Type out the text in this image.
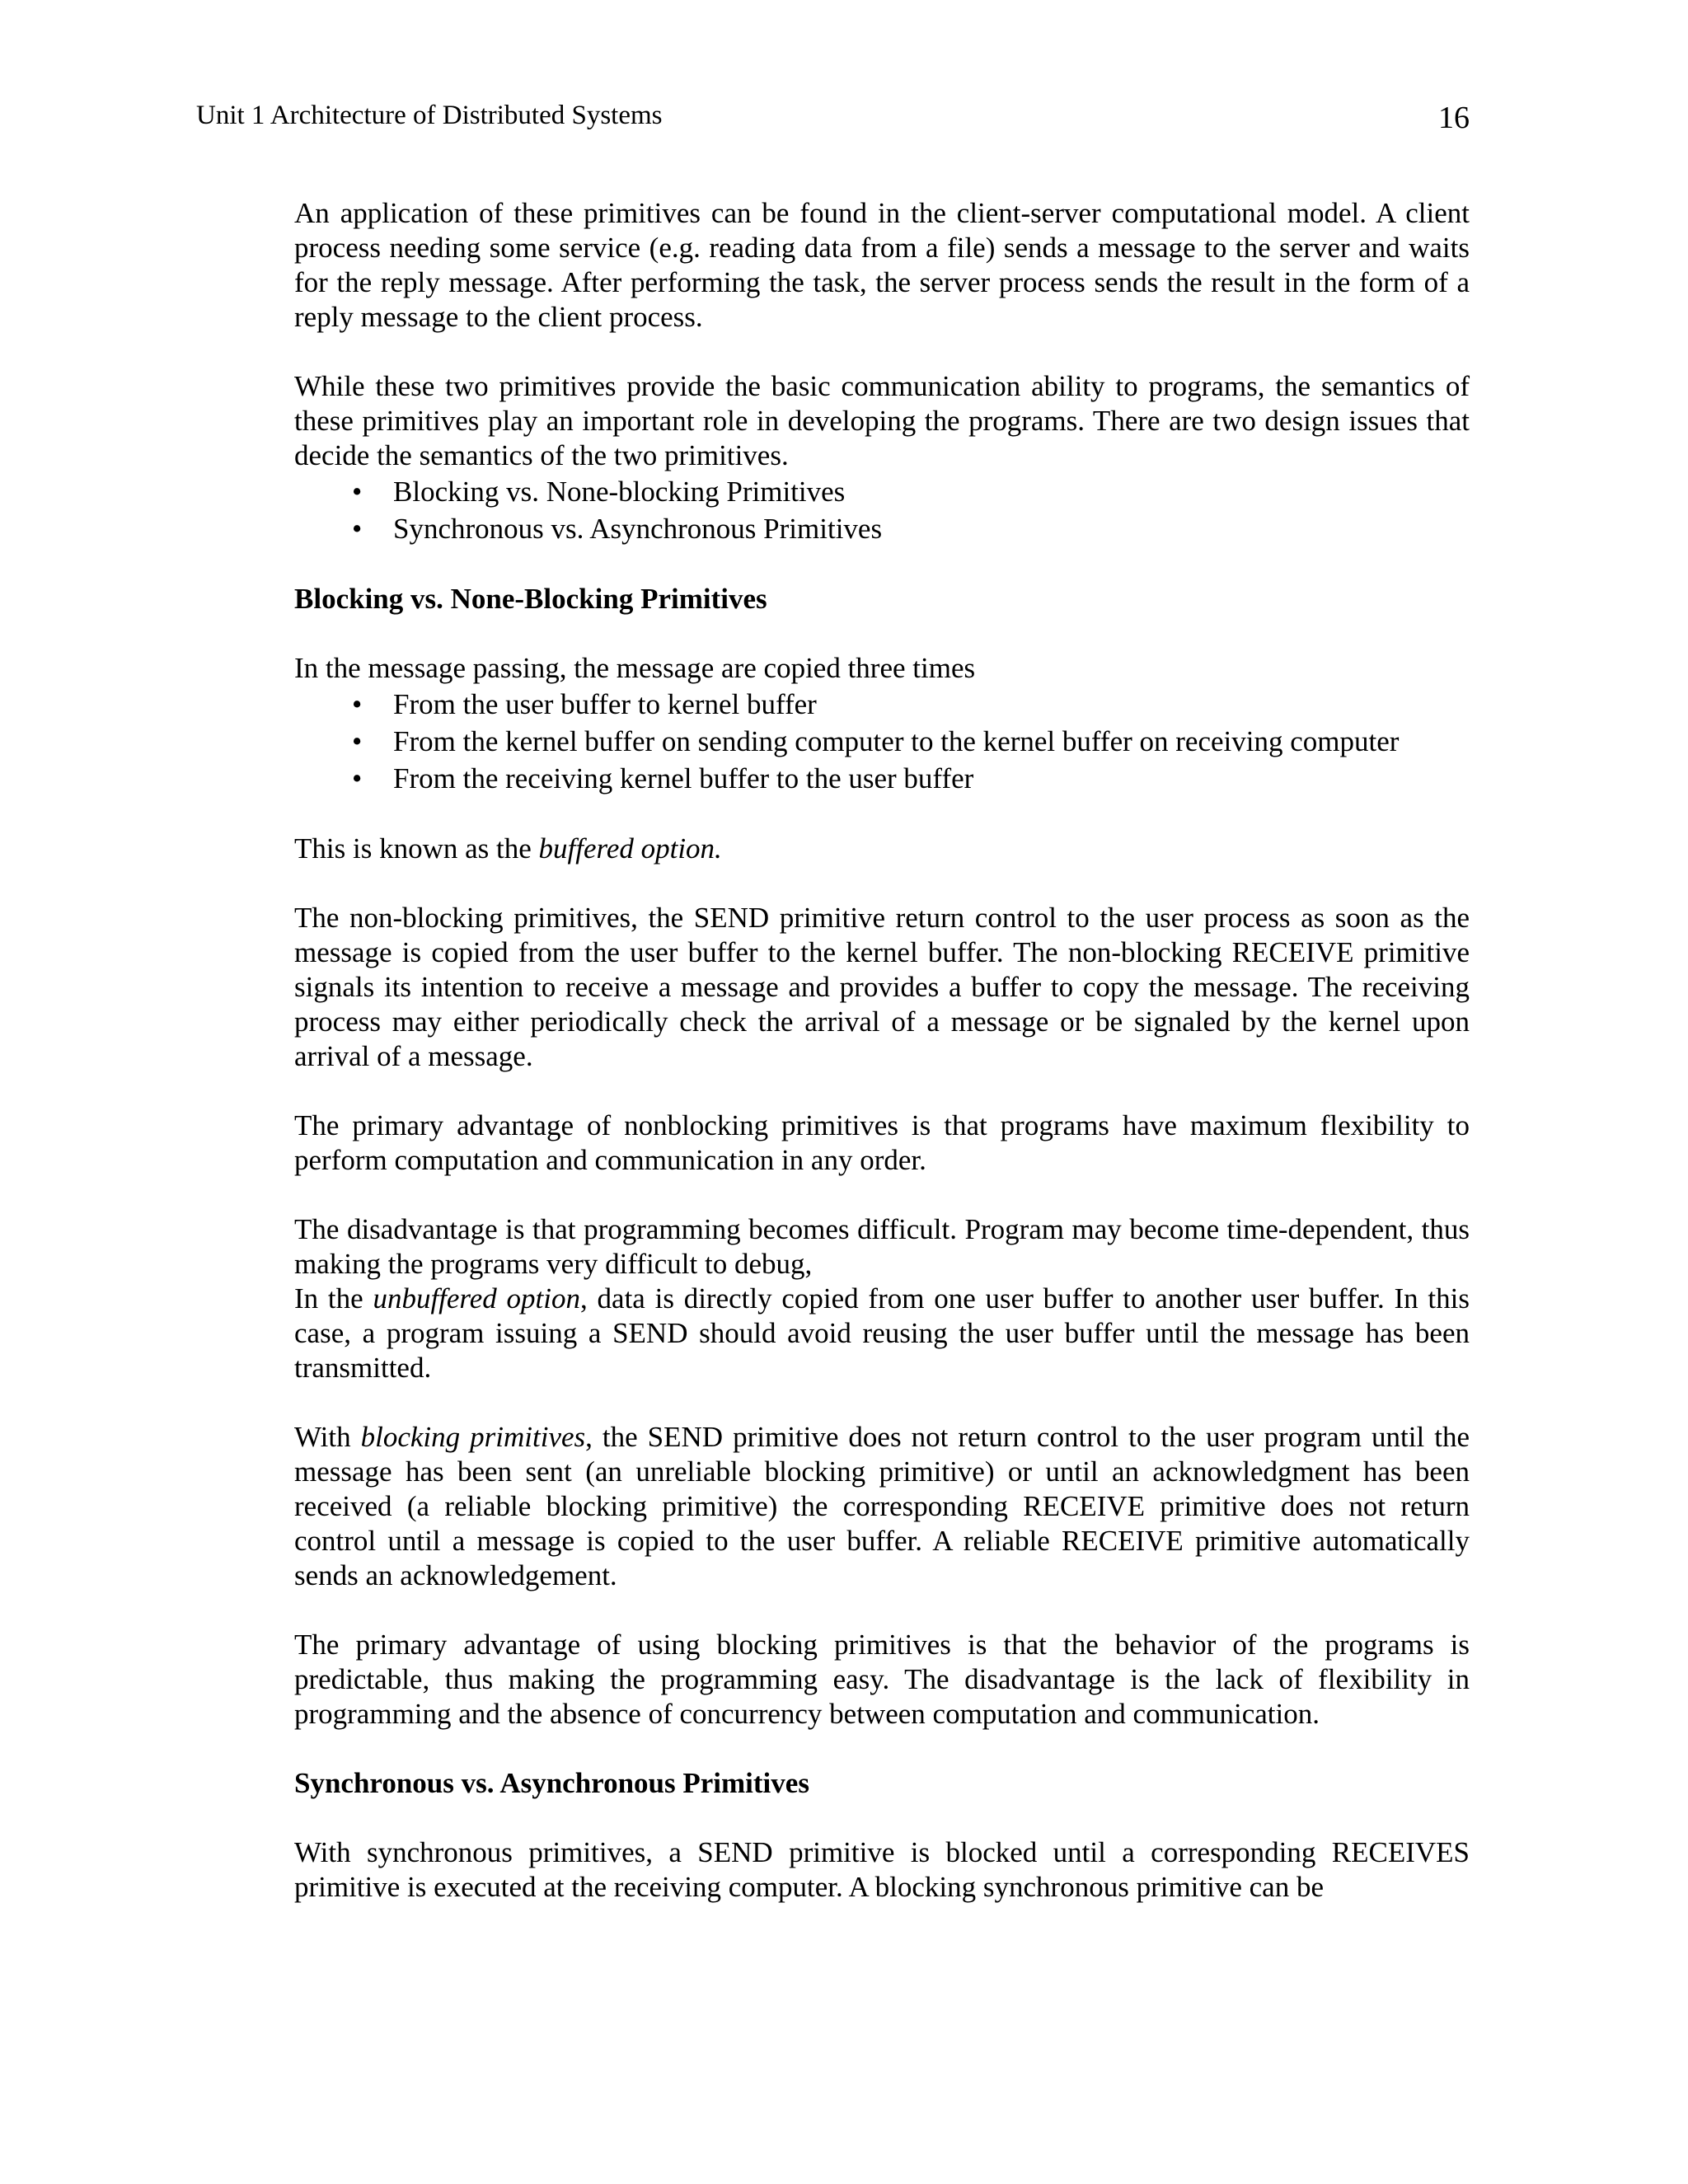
Unit 1 Architecture of Distributed Systems	16

An application of these primitives can be found in the client-server computational model. A client process needing some service (e.g. reading data from a file) sends a message to the server and waits for the reply message. After performing the task, the server process sends the result in the form of a reply message to the client process.

While these two primitives provide the basic communication ability to programs, the semantics of these primitives play an important role in developing the programs. There are two design issues that decide the semantics of the two primitives.

• Blocking vs. None-blocking Primitives
• Synchronous vs. Asynchronous Primitives
Blocking vs. None-Blocking Primitives

In the message passing, the message are copied three times

• From the user buffer to kernel buffer
• From the kernel buffer on sending computer to the kernel buffer on receiving computer
• From the receiving kernel buffer to the user buffer

This is known as the buffered option.

The non-blocking primitives, the SEND primitive return control to the user process as soon as the message is copied from the user buffer to the kernel buffer. The non-blocking RECEIVE primitive signals its intention to receive a message and provides a buffer to copy the message. The receiving process may either periodically check the arrival of a message or be signaled by the kernel upon arrival of a message.

The primary advantage of nonblocking primitives is that programs have maximum flexibility to perform computation and communication in any order.

The disadvantage is that programming becomes difficult. Program may become time-dependent, thus making the programs very difficult to debug,

In the unbuffered option, data is directly copied from one user buffer to another user buffer. In this case, a program issuing a SEND should avoid reusing the user buffer until the message has been transmitted.

With blocking primitives, the SEND primitive does not return control to the user program until the message has been sent (an unreliable blocking primitive) or until an acknowledgment has been received (a reliable blocking primitive) the corresponding RECEIVE primitive does not return control until a message is copied to the user buffer. A reliable RECEIVE primitive automatically sends an acknowledgement.

The primary advantage of using blocking primitives is that the behavior of the programs is predictable, thus making the programming easy. The disadvantage is the lack of flexibility in programming and the absence of concurrency between computation and communication.

Synchronous vs. Asynchronous Primitives

With synchronous primitives, a SEND primitive is blocked until a corresponding RECEIVES primitive is executed at the receiving computer. A blocking synchronous primitive can be
